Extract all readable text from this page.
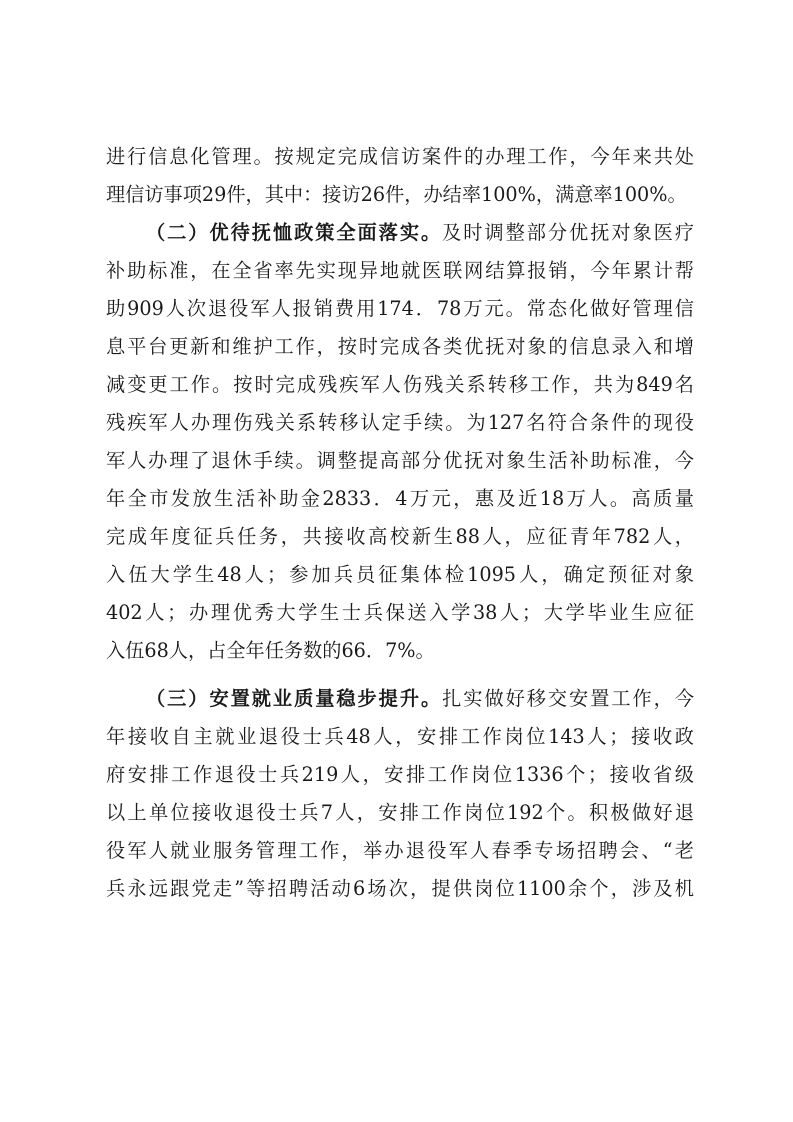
进行信息化管理。按规定完成信访案件的办理工作，今年来共处
理信访事项29件，其中：接访26件，办结率100%，满意率100%。
（二）优待抚恤政策全面落实。及时调整部分优抚对象医疗
补助标准，在全省率先实现异地就医联网结算报销，今年累计帮
助909人次退役军人报销费用174．78万元。常态化做好管理信
息平台更新和维护工作，按时完成各类优抚对象的信息录入和增
减变更工作。按时完成残疾军人伤残关系转移工作，共为849名
残疾军人办理伤残关系转移认定手续。为127名符合条件的现役
军人办理了退休手续。调整提高部分优抚对象生活补助标准，今
年全市发放生活补助金2833．4万元，惠及近18万人。高质量
完成年度征兵任务，共接收高校新生88人，应征青年782人，
入伍大学生48人；参加兵员征集体检1095人，确定预征对象
402人；办理优秀大学生士兵保送入学38人；大学毕业生应征
入伍68人，占全年任务数的66．7%。
（三）安置就业质量稳步提升。扎实做好移交安置工作，今
年接收自主就业退役士兵48人，安排工作岗位143人；接收政
府安排工作退役士兵219人，安排工作岗位1336个；接收省级
以上单位接收退役士兵7人，安排工作岗位192个。积极做好退
役军人就业服务管理工作，举办退役军人春季专场招聘会、“老
兵永远跟党走”等招聘活动6场次，提供岗位1100余个，涉及机
